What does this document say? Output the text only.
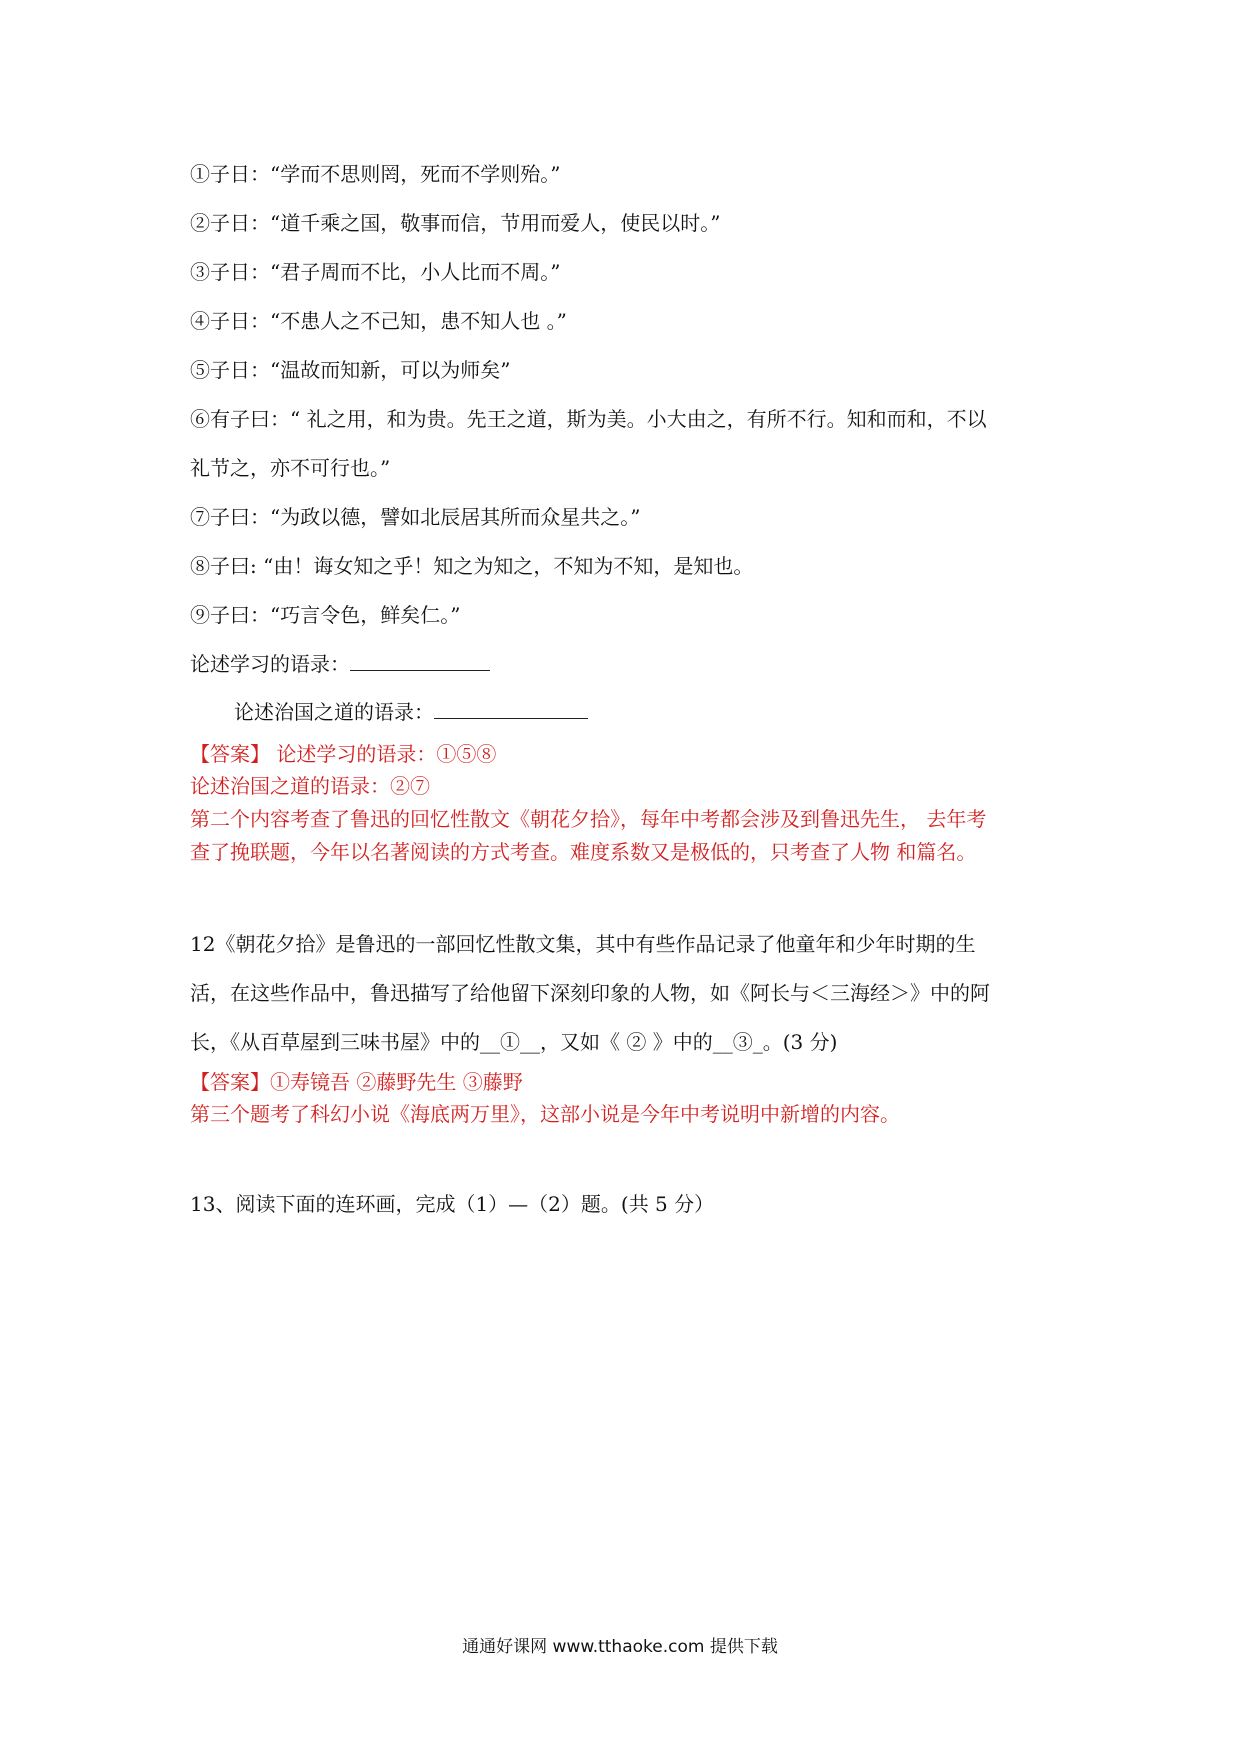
①子日：“学而不思则罔，死而不学则殆。”
②子日：“道千乘之国，敬事而信，节用而爱人，使民以时。”
③子日：“君子周而不比，小人比而不周。”
④子日：“不患人之不己知，患不知人也 。”
⑤子日：“温故而知新，可以为师矣”
⑥有子曰：“ 礼之用，和为贵。先王之道，斯为美。小大由之，有所不行。知和而和，不以
礼节之，亦不可行也。”
⑦子曰：“为政以德，譬如北辰居其所而众星共之。”
⑧子曰: “由！诲女知之乎！知之为知之，不知为不知，是知也。
⑨子曰：“巧言令色，鲜矣仁。”
论述学习的语录：
论述治国之道的语录：
【答案】 论述学习的语录：①⑤⑧
论述治国之道的语录：②⑦
第二个内容考查了鲁迅的回忆性散文《朝花夕拾》，每年中考都会涉及到鲁迅先生， 去年考
查了挽联题，今年以名著阅读的方式考查。难度系数又是极低的，只考查了人物 和篇名。
12《朝花夕拾》是鲁迅的一部回忆性散文集，其中有些作品记录了他童年和少年时期的生
活，在这些作品中，鲁迅描写了给他留下深刻印象的人物，如《阿长与＜三海经＞》中的阿
长，《从百草屋到三味书屋》中的__①__，又如《 ② 》中的__③_。(3 分)
【答案】①寿镜吾 ②藤野先生 ③藤野
第三个题考了科幻小说《海底两万里》，这部小说是今年中考说明中新增的内容。
13、阅读下面的连环画，完成（1）—（2）题。(共 5 分）
通通好课网 www.tthaoke.com 提供下载
